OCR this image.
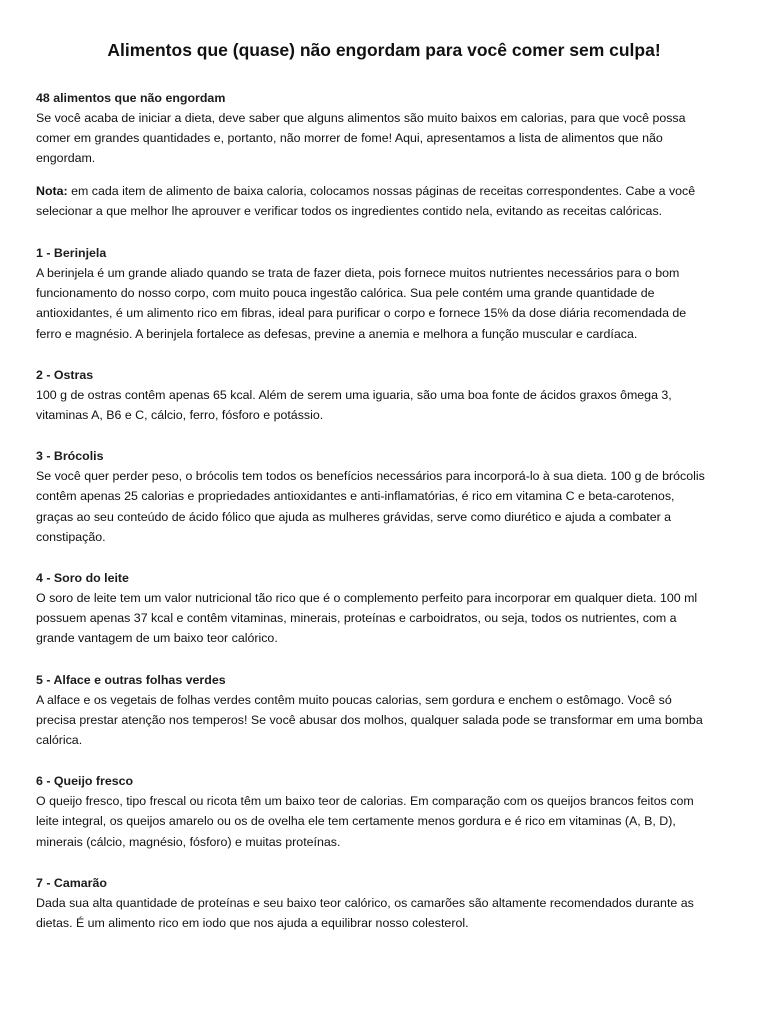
Alimentos que (quase) não engordam para você comer sem culpa!
48 alimentos que não engordam

Se você acaba de iniciar a dieta, deve saber que alguns alimentos são muito baixos em calorias, para que você possa comer em grandes quantidades e, portanto, não morrer de fome! Aqui, apresentamos a lista de alimentos que não engordam.

Nota: em cada item de alimento de baixa caloria, colocamos nossas páginas de receitas correspondentes. Cabe a você selecionar a que melhor lhe aprouver e verificar todos os ingredientes contido nela, evitando as receitas calóricas.

1 - Berinjela

A berinjela é um grande aliado quando se trata de fazer dieta, pois fornece muitos nutrientes necessários para o bom funcionamento do nosso corpo, com muito pouca ingestão calórica. Sua pele contém uma grande quantidade de antioxidantes, é um alimento rico em fibras, ideal para purificar o corpo e fornece 15% da dose diária recomendada de ferro e magnésio. A berinjela fortalece as defesas, previne a anemia e melhora a função muscular e cardíaca.

2 - Ostras

100 g de ostras contêm apenas 65 kcal. Além de serem uma iguaria, são uma boa fonte de ácidos graxos ômega 3, vitaminas A, B6 e C, cálcio, ferro, fósforo e potássio.

3 - Brócolis

Se você quer perder peso, o brócolis tem todos os benefícios necessários para incorporá-lo à sua dieta. 100 g de brócolis contêm apenas 25 calorias e propriedades antioxidantes e anti-inflamatórias, é rico em vitamina C e beta-carotenos, graças ao seu conteúdo de ácido fólico que ajuda as mulheres grávidas, serve como diurético e ajuda a combater a constipação.

4 - Soro do leite

O soro de leite tem um valor nutricional tão rico que é o complemento perfeito para incorporar em qualquer dieta. 100 ml possuem apenas 37 kcal e contêm vitaminas, minerais, proteínas e carboidratos, ou seja, todos os nutrientes, com a grande vantagem de um baixo teor calórico.

5 - Alface e outras folhas verdes

A alface e os vegetais de folhas verdes contêm muito poucas calorias, sem gordura e enchem o estômago. Você só precisa prestar atenção nos temperos! Se você abusar dos molhos, qualquer salada pode se transformar em uma bomba calórica.

6 - Queijo fresco

O queijo fresco, tipo frescal ou ricota têm um baixo teor de calorias. Em comparação com os queijos brancos feitos com leite integral, os queijos amarelo ou os de ovelha ele tem certamente menos gordura e é rico em vitaminas (A, B, D), minerais (cálcio, magnésio, fósforo) e muitas proteínas.

7 - Camarão

Dada sua alta quantidade de proteínas e seu baixo teor calórico, os camarões são altamente recomendados durante as dietas. É um alimento rico em iodo que nos ajuda a equilibrar nosso colesterol.
